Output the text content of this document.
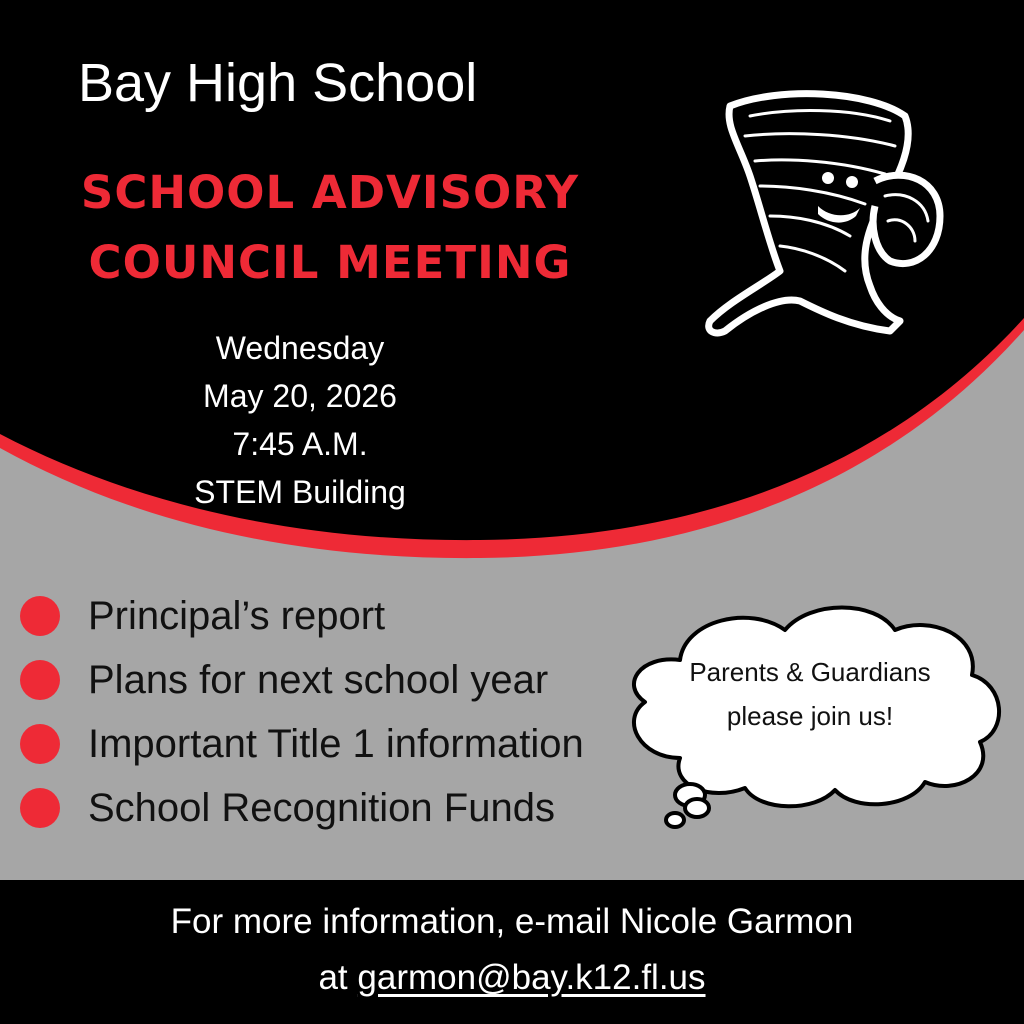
Bay High School
SCHOOL ADVISORY
COUNCIL MEETING
Wednesday
May 20, 2026
7:45 A.M.
STEM Building
Principal’s report
Plans for next school year
Important Title 1 information
School Recognition Funds
Parents & Guardians
please join us!
For more information, e-mail Nicole Garmon
at garmon@bay.k12.fl.us
